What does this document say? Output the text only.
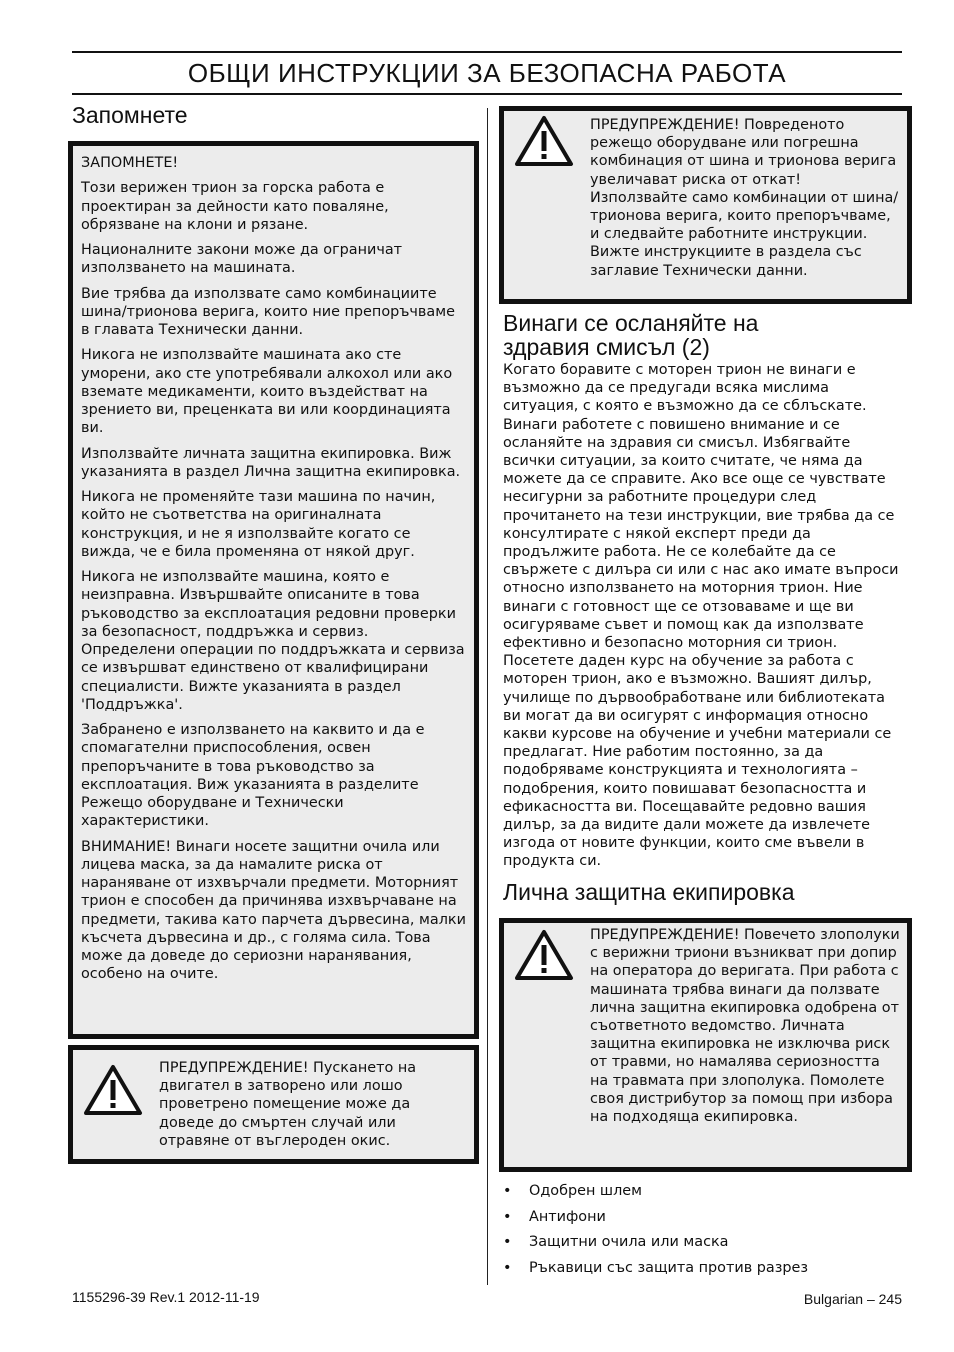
ОБЩИ ИНСТРУКЦИИ ЗА БЕЗОПАСНА РАБОТА
Запомнете

ЗАПОМНЕТЕ!

Този верижен трион за горска работа е проектиран за дейности като поваляне, обрязване на клони и рязане.

Националните закони може да ограничат използването на машината.

Вие трябва да използвате само комбинациите шина/трионова верига, които ние препоръчваме в главата Технически данни.

Никога не използвайте машината ако сте уморени, ако сте употребявали алкохол или ако вземате медикаменти, които въздействат на зрението ви, преценката ви или координацията ви.

Използвайте личната защитна екипировка. Виж указанията в раздел Лична защитна екипировка.

Никога не променяйте тази машина по начин, който не съответства на оригиналната конструкция, и не я използвайте когато се вижда, че е била променяна от някой друг.

Никога не използвайте машина, която е неизправна. Извършвайте описаните в това ръководство за експлоатация редовни проверки за безопасност, поддръжка и сервиз. Определени операции по поддръжката и сервиза се извършват единствено от квалифицирани специалисти. Вижте указанията в раздел 'Поддръжка'.

Забранено е използването на каквито и да е спомагателни приспособления, освен препоръчаните в това ръководство за експлоатация. Виж указанията в разделите Режещо оборудване и Технически характеристики.

ВНИМАНИЕ! Винаги носете защитни очила или лицева маска, за да намалите риска от нараняване от изхвърчали предмети. Моторният трион е способен да причинява изхвърчаване на предмети, такива като парчета дървесина, малки късчета дървесина и др., с голяма сила. Това може да доведе до сериозни наранявания, особено на очите.

ПРЕДУПРЕЖДЕНИЕ! Пускането на двигател в затворено или лошо проветрено помещение може да доведе до смъртен случай или отравяне от въглероден окис.

ПРЕДУПРЕЖДЕНИЕ! Повреденото режещо оборудване или погрешна комбинация от шина и трионова верига увеличават риска от откат! Използвайте само комбинации от шина/трионова верига, които препоръчваме, и следвайте работните инструкции. Вижте инструкциите в раздела със заглавие Технически данни.

Винаги се осланяйте на
здравия смисъл (2)

Когато боравите с моторен трион не винаги е възможно да се предугади всяка мислима ситуация, с която е възможно да се сблъскате. Винаги работете с повишено внимание и се осланяйте на здравия си смисъл. Избягвайте всички ситуации, за които считате, че няма да можете да се справите. Ако все още се чувствате несигурни за работните процедури след прочитането на тези инструкции, вие трябва да се консултирате с някой експерт преди да продължите работа. Не се колебайте да се свържете с дилъра си или с нас ако имате въпроси относно използването на моторния трион. Ние винаги с готовност ще се отзоваваме и ще ви осигуряваме съвет и помощ как да използвате ефективно и безопасно моторния си трион. Посетете даден курс на обучение за работа с моторен трион, ако е възможно. Вашият дилър, училище по дървообработване или библиотеката ви могат да ви осигурят с информация относно какви курсове на обучение и учебни материали се предлагат. Ние работим постоянно, за да подобряваме конструкцията и технологията – подобрения, които повишават безопасността и ефикасността ви. Посещавайте редовно вашия дилър, за да видите дали можете да извлечете изгода от новите функции, които сме въвели в продукта си.

Лична защитна екипировка

ПРЕДУПРЕЖДЕНИЕ! Повечето злополуки с верижни триони възникват при допир на оператора до веригата. При работа с машината трябва винаги да ползвате лична защитна екипировка одобрена от съответното ведомство. Личната защитна екипировка не изключва риск от травми, но намалява сериозността на травмата при злополука. Помолете своя дистрибутор за помощ при избора на подходяща екипировка.

• Одобрен шлем
• Антифони
• Защитни очила или маска
• Ръкавици със защита против разрез
1155296-39 Rev.1 2012-11-19	Bulgarian – 245
